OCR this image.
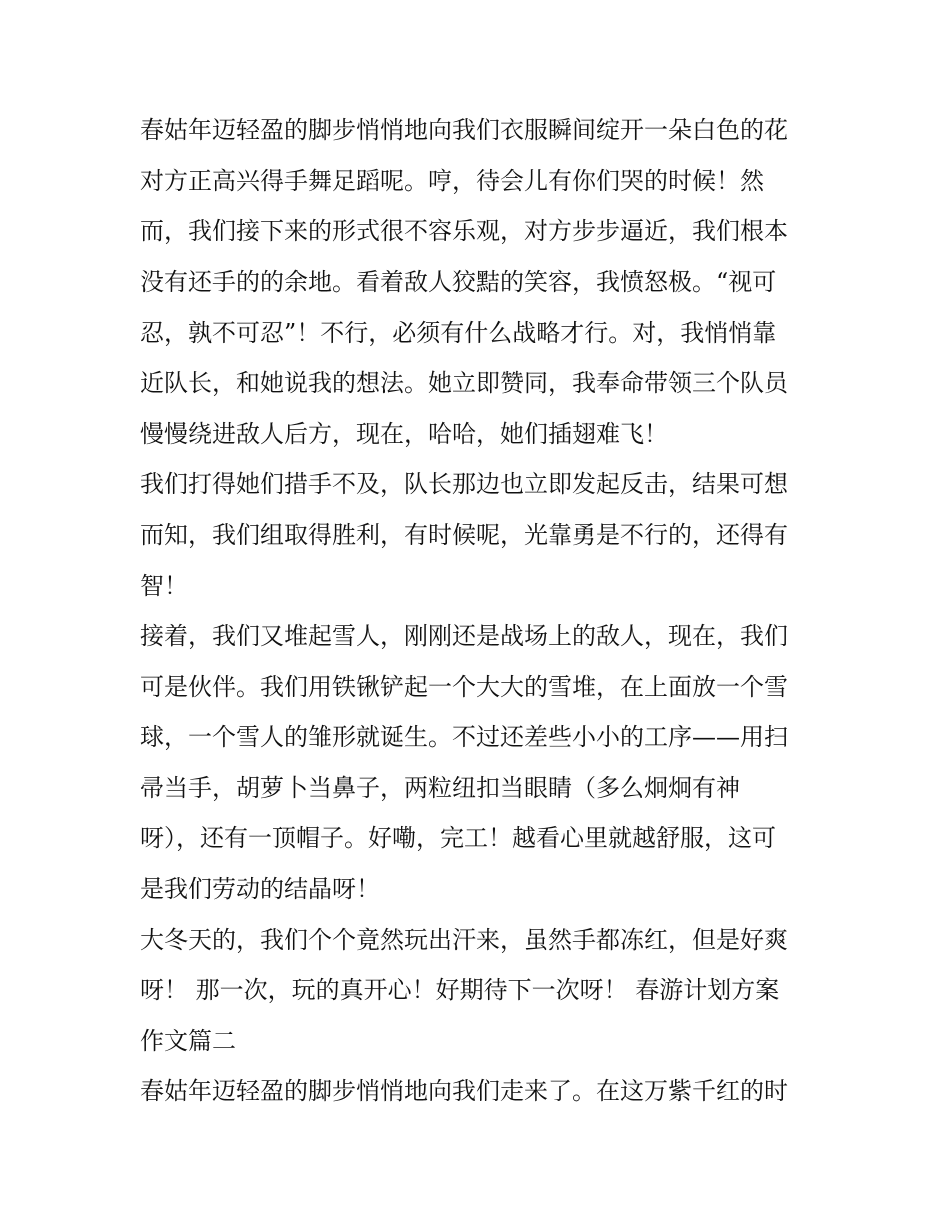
春姑年迈轻盈的脚步悄悄地向我们衣服瞬间绽开一朵白色的花
对方正高兴得手舞足蹈呢。哼，待会儿有你们哭的时候！然
而，我们接下来的形式很不容乐观，对方步步逼近，我们根本
没有还手的的余地。看着敌人狡黠的笑容，我愤怒极。“视可
忍，孰不可忍”！不行，必须有什么战略才行。对，我悄悄靠
近队长，和她说我的想法。她立即赞同，我奉命带领三个队员
慢慢绕进敌人后方，现在，哈哈，她们插翅难飞！
我们打得她们措手不及，队长那边也立即发起反击，结果可想
而知，我们组取得胜利，有时候呢，光靠勇是不行的，还得有
智！
接着，我们又堆起雪人，刚刚还是战场上的敌人，现在，我们
可是伙伴。我们用铁锹铲起一个大大的雪堆，在上面放一个雪
球，一个雪人的雏形就诞生。不过还差些小小的工序——用扫
帚当手，胡萝卜当鼻子，两粒纽扣当眼睛（多么炯炯有神
呀），还有一顶帽子。好嘞，完工！越看心里就越舒服，这可
是我们劳动的结晶呀！
大冬天的，我们个个竟然玩出汗来，虽然手都冻红，但是好爽
呀！ 那一次，玩的真开心！好期待下一次呀！ 春游计划方案
作文篇二
春姑年迈轻盈的脚步悄悄地向我们走来了。在这万紫千红的时
